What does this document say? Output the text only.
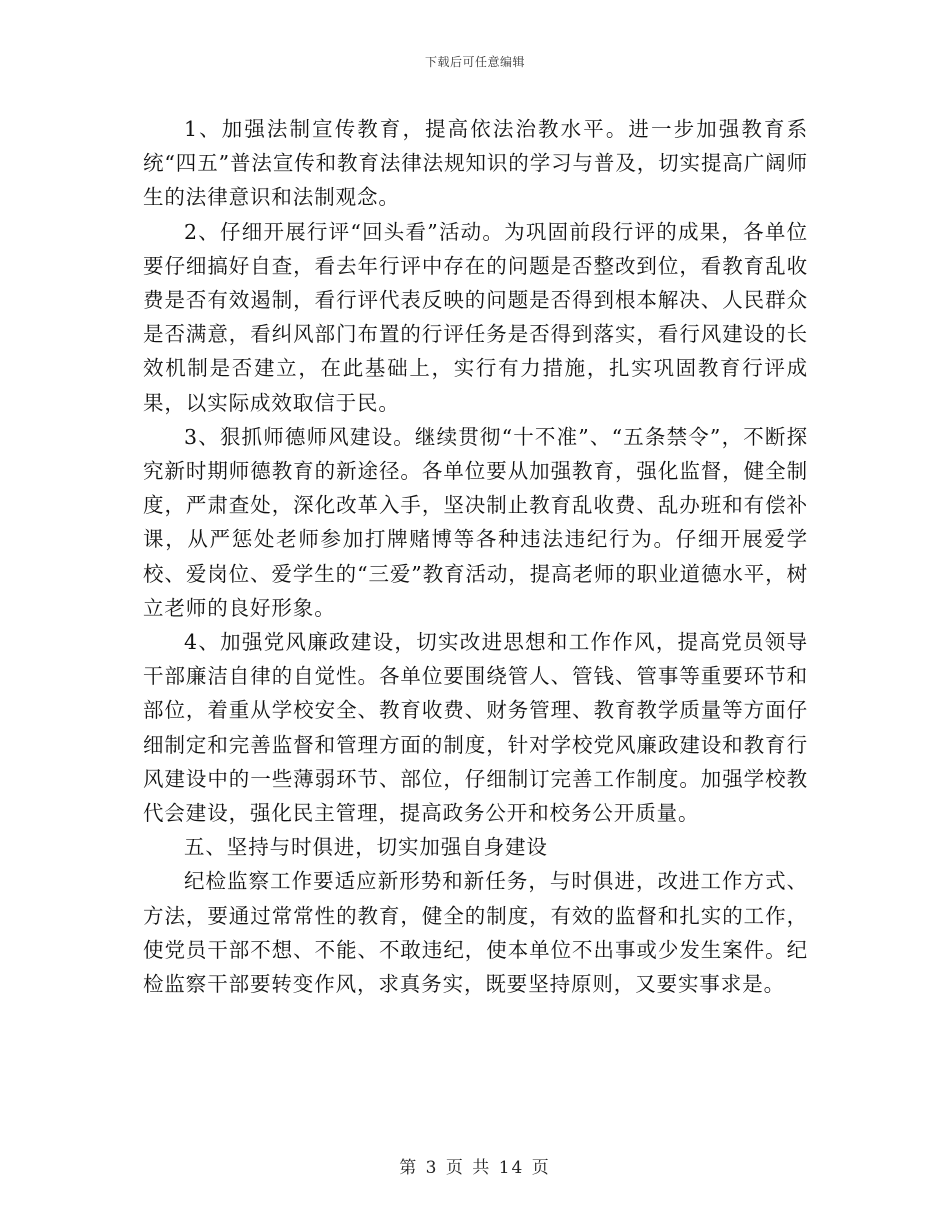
下载后可任意编辑

1、加强法制宣传教育，提高依法治教水平。进一步加强教育系统“四五”普法宣传和教育法律法规知识的学习与普及，切实提高广阔师生的法律意识和法制观念。

2、仔细开展行评“回头看”活动。为巩固前段行评的成果，各单位要仔细搞好自查，看去年行评中存在的问题是否整改到位，看教育乱收费是否有效遏制，看行评代表反映的问题是否得到根本解决、人民群众是否满意，看纠风部门布置的行评任务是否得到落实，看行风建设的长效机制是否建立，在此基础上，实行有力措施，扎实巩固教育行评成果，以实际成效取信于民。

3、狠抓师德师风建设。继续贯彻“十不准”、“五条禁令”，不断探究新时期师德教育的新途径。各单位要从加强教育，强化监督，健全制度，严肃查处，深化改革入手，坚决制止教育乱收费、乱办班和有偿补课，从严惩处老师参加打牌赌博等各种违法违纪行为。仔细开展爱学校、爱岗位、爱学生的“三爱”教育活动，提高老师的职业道德水平，树立老师的良好形象。

4、加强党风廉政建设，切实改进思想和工作作风，提高党员领导干部廉洁自律的自觉性。各单位要围绕管人、管钱、管事等重要环节和部位，着重从学校安全、教育收费、财务管理、教育教学质量等方面仔细制定和完善监督和管理方面的制度，针对学校党风廉政建设和教育行风建设中的一些薄弱环节、部位，仔细制订完善工作制度。加强学校教代会建设，强化民主管理，提高政务公开和校务公开质量。

五、坚持与时俱进，切实加强自身建设

纪检监察工作要适应新形势和新任务，与时俱进，改进工作方式、方法，要通过常常性的教育，健全的制度，有效的监督和扎实的工作，使党员干部不想、不能、不敢违纪，使本单位不出事或少发生案件。纪检监察干部要转变作风，求真务实，既要坚持原则，又要实事求是。

第 3 页 共 14 页
